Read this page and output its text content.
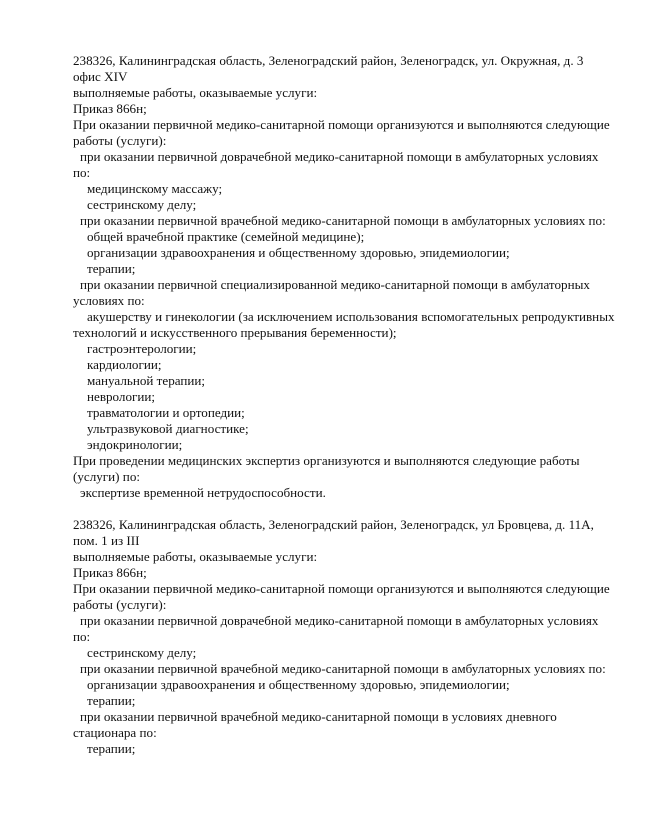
238326, Калининградская область, Зеленоградский район, Зеленоградск, ул. Окружная, д. 3

офис XIV

выполняемые работы, оказываемые услуги:

Приказ 866н;

При оказании первичной медико-санитарной помощи организуются и выполняются следующие

работы (услуги):

при оказании первичной доврачебной медико-санитарной помощи в амбулаторных условиях

по:

медицинскому массажу;

сестринскому делу;

при оказании первичной врачебной медико-санитарной помощи в амбулаторных условиях по:

общей врачебной практике (семейной медицине);

организации здравоохранения и общественному здоровью, эпидемиологии;

терапии;

при оказании первичной специализированной медико-санитарной помощи в амбулаторных

условиях по:

акушерству и гинекологии (за исключением использования вспомогательных репродуктивных

технологий и искусственного прерывания беременности);

гастроэнтерологии;

кардиологии;

мануальной терапии;

неврологии;

травматологии и ортопедии;

ультразвуковой диагностике;

эндокринологии;

При проведении медицинских экспертиз организуются и выполняются следующие работы

(услуги) по:

экспертизе временной нетрудоспособности.

238326, Калининградская область, Зеленоградский район, Зеленоградск, ул Бровцева, д. 11А,

пом. 1 из III

выполняемые работы, оказываемые услуги:

Приказ 866н;

При оказании первичной медико-санитарной помощи организуются и выполняются следующие

работы (услуги):

при оказании первичной доврачебной медико-санитарной помощи в амбулаторных условиях

по:

сестринскому делу;

при оказании первичной врачебной медико-санитарной помощи в амбулаторных условиях по:

организации здравоохранения и общественному здоровью, эпидемиологии;

терапии;

при оказании первичной врачебной медико-санитарной помощи в условиях дневного

стационара по:

терапии;
